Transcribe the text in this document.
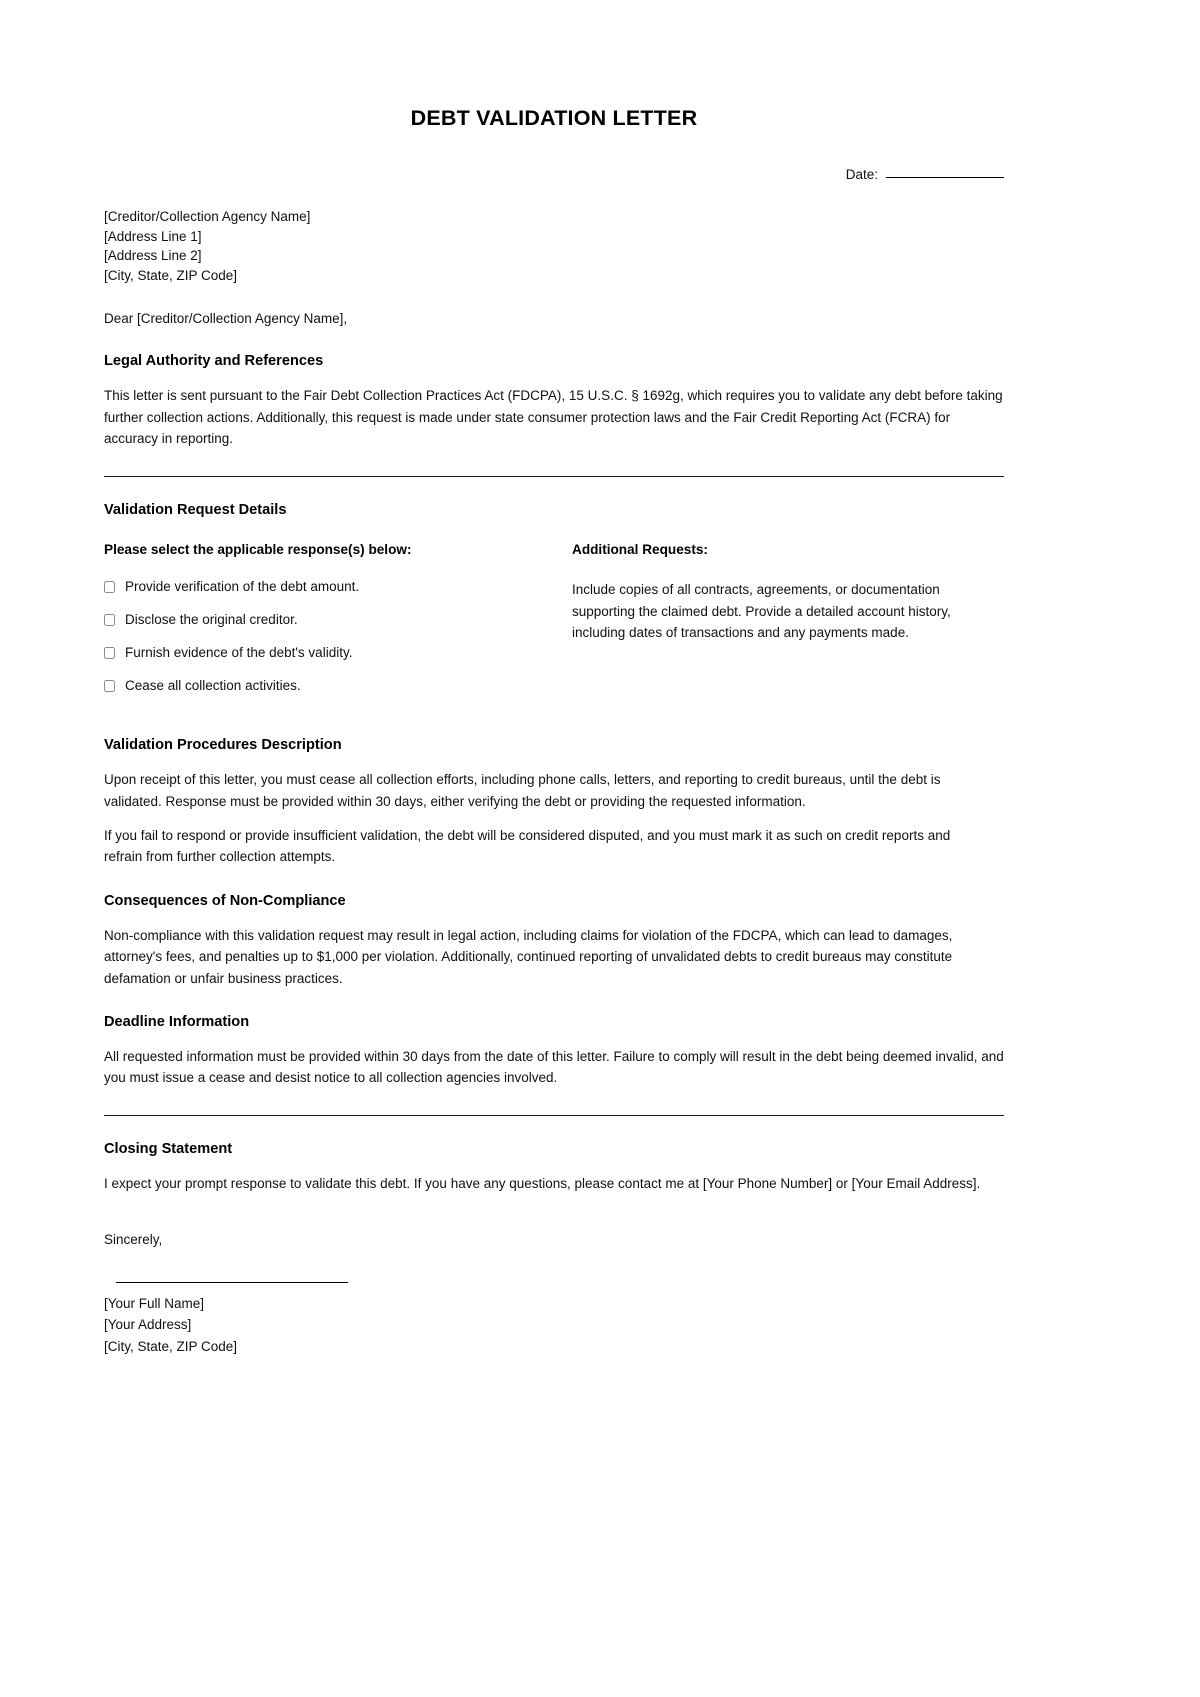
DEBT VALIDATION LETTER
Date:
[Creditor/Collection Agency Name]
[Address Line 1]
[Address Line 2]
[City, State, ZIP Code]
Dear [Creditor/Collection Agency Name],
Legal Authority and References

This letter is sent pursuant to the Fair Debt Collection Practices Act (FDCPA), 15 U.S.C. § 1692g, which requires you to validate any debt before taking further collection actions. Additionally, this request is made under state consumer protection laws and the Fair Credit Reporting Act (FCRA) for accuracy in reporting.

Validation Request Details

Please select the applicable response(s) below:

Provide verification of the debt amount.
Disclose the original creditor.
Furnish evidence of the debt's validity.
Cease all collection activities.

Additional Requests:

Include copies of all contracts, agreements, or documentation supporting the claimed debt. Provide a detailed account history, including dates of transactions and any payments made.

Validation Procedures Description

Upon receipt of this letter, you must cease all collection efforts, including phone calls, letters, and reporting to credit bureaus, until the debt is validated. Response must be provided within 30 days, either verifying the debt or providing the requested information.

If you fail to respond or provide insufficient validation, the debt will be considered disputed, and you must mark it as such on credit reports and refrain from further collection attempts.

Consequences of Non-Compliance

Non-compliance with this validation request may result in legal action, including claims for violation of the FDCPA, which can lead to damages, attorney's fees, and penalties up to $1,000 per violation. Additionally, continued reporting of unvalidated debts to credit bureaus may constitute defamation or unfair business practices.

Deadline Information

All requested information must be provided within 30 days from the date of this letter. Failure to comply will result in the debt being deemed invalid, and you must issue a cease and desist notice to all collection agencies involved.

Closing Statement

I expect your prompt response to validate this debt. If you have any questions, please contact me at [Your Phone Number] or [Your Email Address].

Sincerely,
[Your Full Name]
[Your Address]
[City, State, ZIP Code]
